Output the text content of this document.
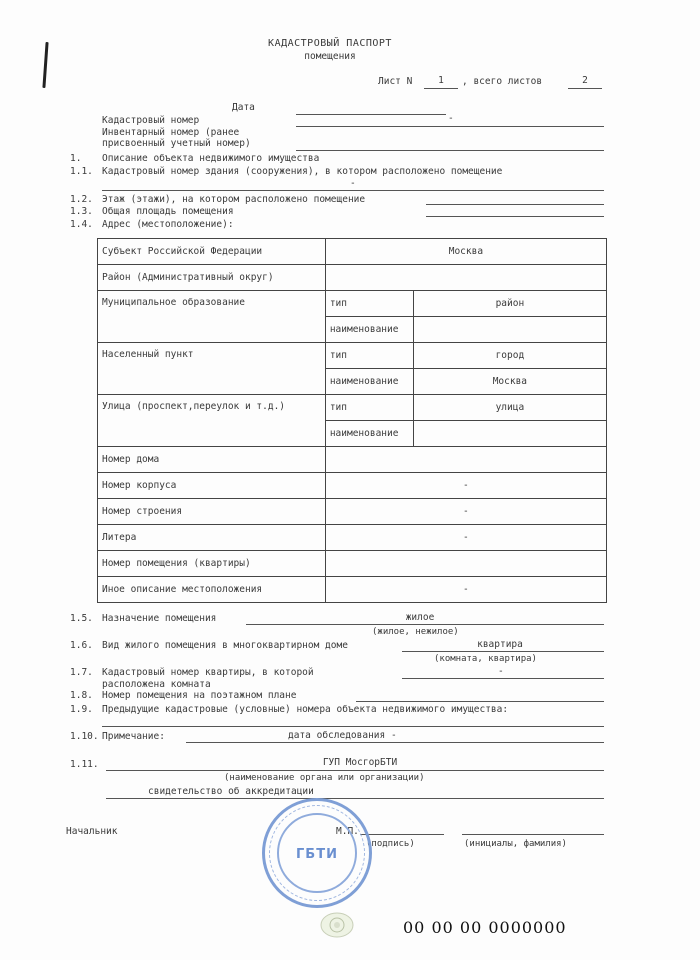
КАДАСТРОВЫЙ ПАСПОРТ
помещения
Лист N	1	, всего листов	2
Дата
Кадастровый номер	-
Инвентарный номер (ранее
присвоенный учетный номер)
1. Описание объекта недвижимого имущества
1.1. Кадастровый номер здания (сооружения), в котором расположено помещение
-
1.2. Этаж (этажи), на котором расположено помещение
1.3. Общая площадь помещения
1.4. Адрес (местоположение):
Субъект Российской Федерации	Москва	
Район (Административный округ)		
Муниципальное образование	тип	район
	наименование	
Населенный пункт	тип	город
	наименование	Москва
Улица (проспект,переулок и т.д.)	тип	улица
	наименование	
Номер дома		
Номер корпуса	-	
Номер строения	-	
Литера	-	
Номер помещения (квартиры)		
Иное описание местоположения	-	
1.5. Назначение помещения	жилое
(жилое, нежилое)
1.6. Вид жилого помещения в многоквартирном доме	квартира
(комната, квартира)
1.7. Кадастровый номер квартиры, в которой
расположена комната
-
1.8. Номер помещения на поэтажном плане
1.9. Предыдущие кадастровые (условные) номера объекта недвижимого имущества:
1.10. Примечание:	дата обследования -
1.11.	ГУП МосгорБТИ
(наименование органа или организации)
свидетельство об аккредитации
Начальник	М.П.
(подпись)	(инициалы, фамилия)
ГБТИ
00 00 00 0000000
